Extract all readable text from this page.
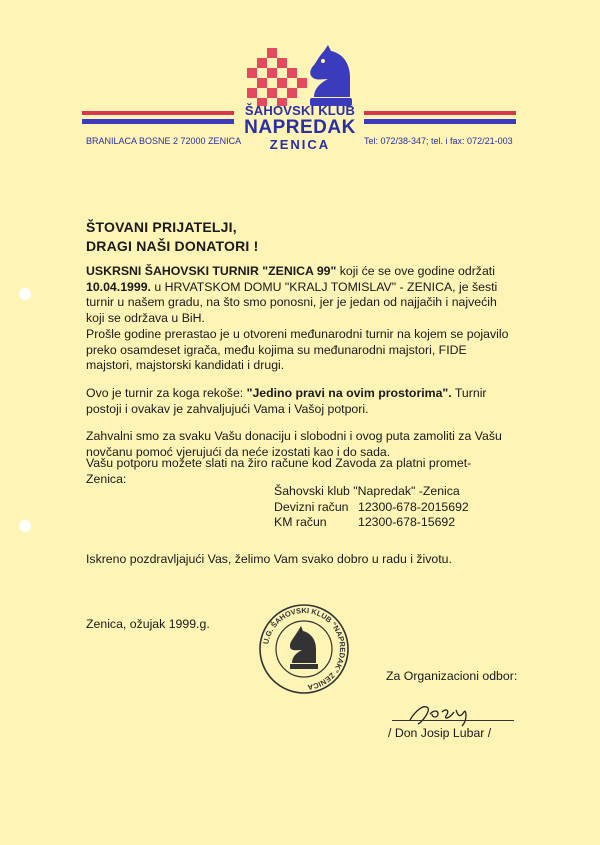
ŠAHOVSKI KLUB
NAPREDAK
ZENICA
BRANILACA BOSNE 2 72000 ZENICA	Tel: 072/38-347; tel. i fax: 072/21-003
ŠTOVANI PRIJATELJI,
DRAGI NAŠI DONATORI !
USKRSNI ŠAHOVSKI TURNIR "ZENICA 99" koji će se ove godine održati 10.04.1999. u HRVATSKOM DOMU "KRALJ TOMISLAV" - ZENICA, je šesti turnir u našem gradu, na što smo ponosni, jer je jedan od najjačih i najvećih koji se održava u BiH.
Prošle godine prerastao je u otvoreni međunarodni turnir na kojem se pojavilo preko osamdeset igrača, među kojima su međunarodni majstori, FIDE majstori, majstorski kandidati i drugi.
Ovo je turnir za koga rekoše: "Jedino pravi na ovim prostorima". Turnir postoji i ovakav je zahvaljujući Vama i Vašoj potpori.
Zahvalni smo za svaku Vašu donaciju i slobodni i ovog puta zamoliti za Vašu novčanu pomoć vjerujući da neće izostati kao i do sada.
Vašu potporu možete slati na žiro račune kod Zavoda za platni promet- Zenica:
Šahovski klub "Napredak" -Zenica
Devizni račun 12300-678-2015692
KM račun	12300-678-15692
Iskreno pozdravljajući Vas, želimo Vam svako dobro u radu i životu.
Zenica, ožujak 1999.g.
U.G. ŠAHOVSKI KLUB "NAPREDAK" ZENICA
Za Organizacioni odbor:
/ Don Josip Lubar /
